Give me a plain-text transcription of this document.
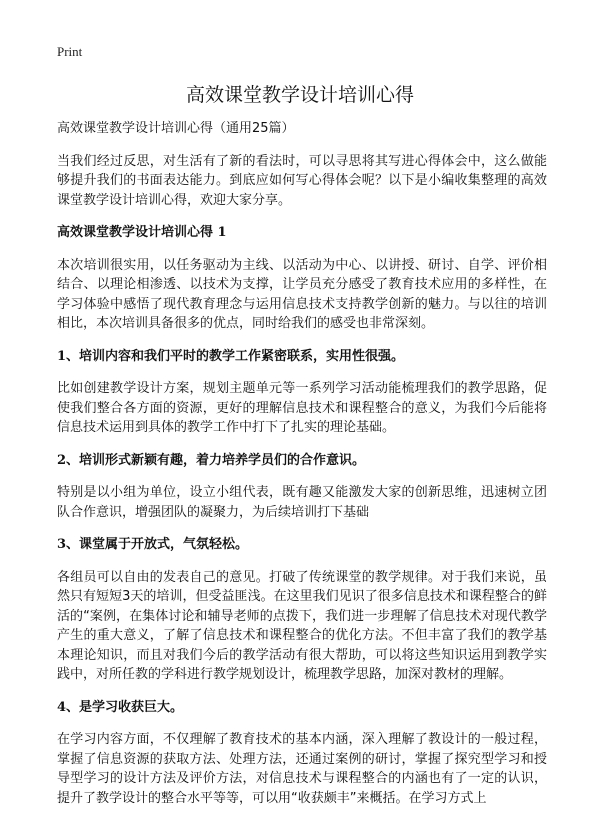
Print
高效课堂教学设计培训心得

高效课堂教学设计培训心得（通用25篇）

当我们经过反思，对生活有了新的看法时，可以寻思将其写进心得体会中，这么做能够提升我们的书面表达能力。到底应如何写心得体会呢？以下是小编收集整理的高效课堂教学设计培训心得，欢迎大家分享。

高效课堂教学设计培训心得 1

本次培训很实用，以任务驱动为主线、以活动为中心、以讲授、研讨、自学、评价相结合、以理论相渗透、以技术为支撑，让学员充分感受了教育技术应用的多样性，在学习体验中感悟了现代教育理念与运用信息技术支持教学创新的魅力。与以往的培训相比，本次培训具备很多的优点，同时给我们的感受也非常深刻。

1、培训内容和我们平时的教学工作紧密联系，实用性很强。

比如创建教学设计方案，规划主题单元等一系列学习活动能梳理我们的教学思路，促使我们整合各方面的资源，更好的理解信息技术和课程整合的意义，为我们今后能将信息技术运用到具体的教学工作中打下了扎实的理论基础。

2、培训形式新颖有趣，着力培养学员们的合作意识。

特别是以小组为单位，设立小组代表，既有趣又能激发大家的创新思维，迅速树立团队合作意识，增强团队的凝聚力，为后续培训打下基础

3、课堂属于开放式，气氛轻松。

各组员可以自由的发表自己的意见。打破了传统课堂的教学规律。对于我们来说，虽然只有短短3天的培训，但受益匪浅。在这里我们见识了很多信息技术和课程整合的鲜活的“案例，在集体讨论和辅导老师的点拨下，我们进一步理解了信息技术对现代教学产生的重大意义，了解了信息技术和课程整合的优化方法。不但丰富了我们的教学基本理论知识，而且对我们今后的教学活动有很大帮助，可以将这些知识运用到教学实践中，对所任教的学科进行教学规划设计，梳理教学思路，加深对教材的理解。

4、是学习收获巨大。

在学习内容方面，不仅理解了教育技术的基本内涵，深入理解了教设计的一般过程，掌握了信息资源的获取方法、处理方法，还通过案例的研讨，掌握了探究型学习和授导型学习的设计方法及评价方法，对信息技术与课程整合的内涵也有了一定的认识，提升了教学设计的整合水平等等，可以用“收获颇丰”来概括。在学习方式上
